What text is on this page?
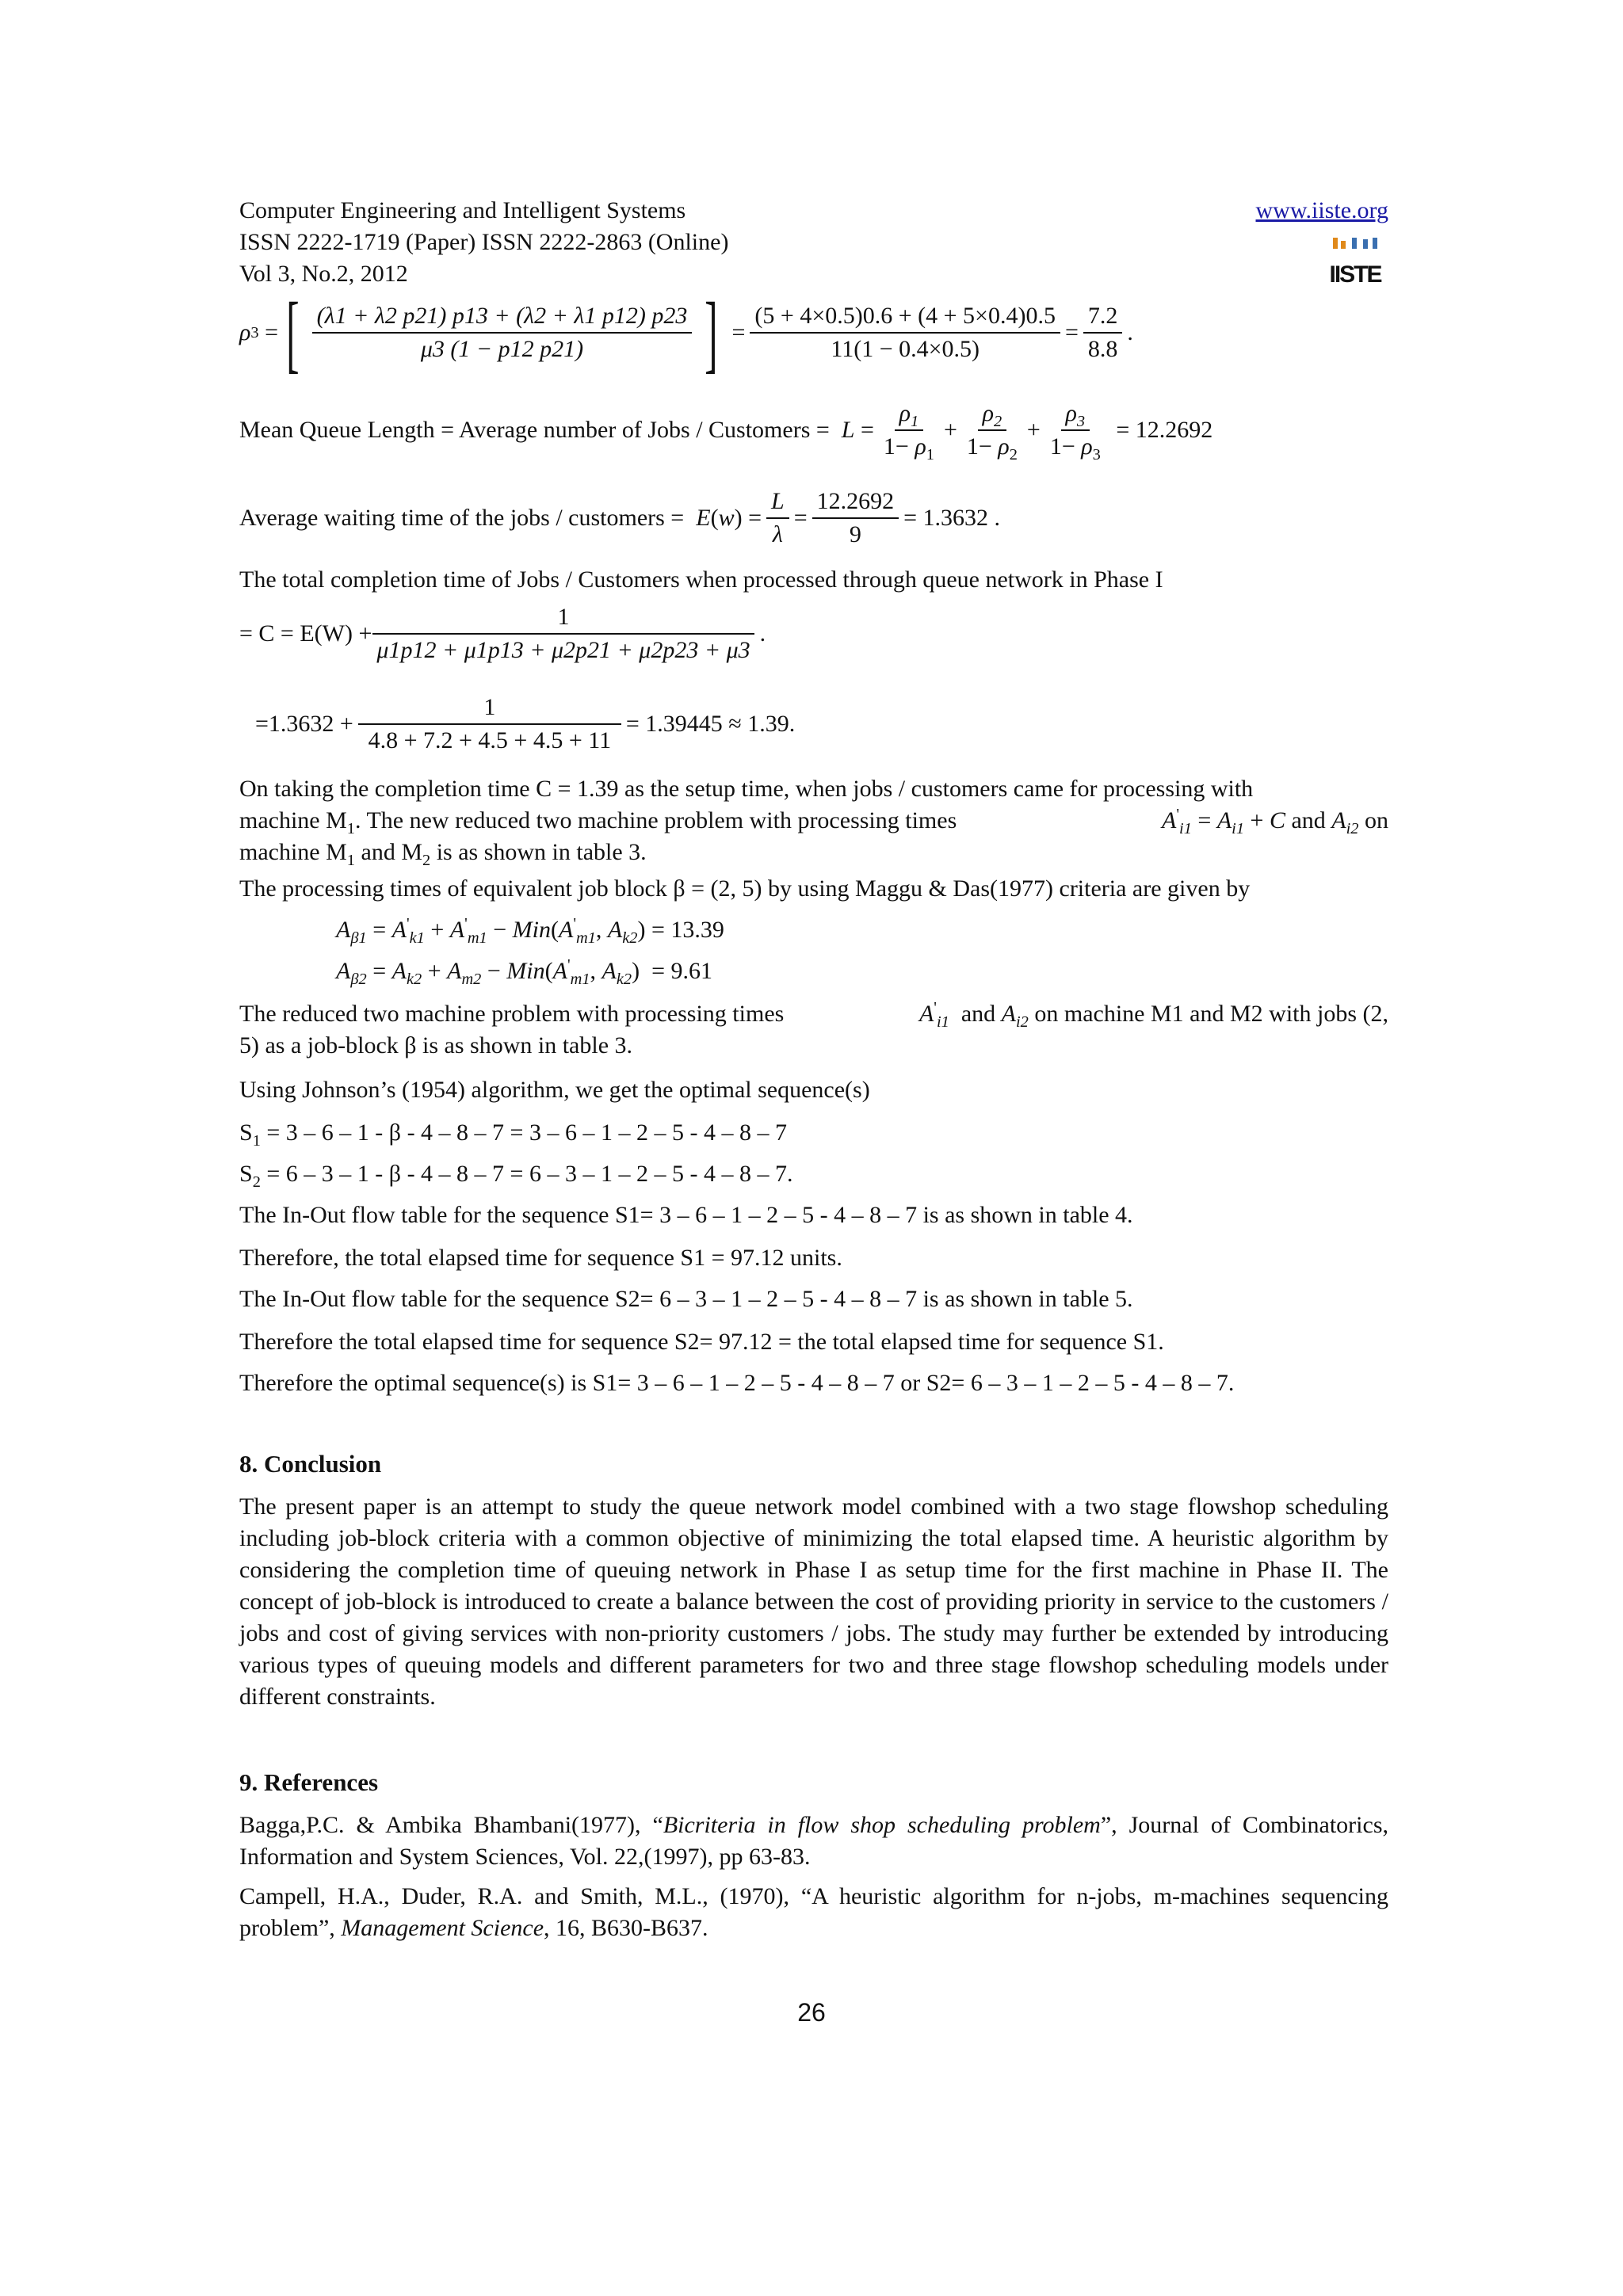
Computer Engineering and Intelligent Systems
ISSN 2222-1719 (Paper) ISSN 2222-2863 (Online)
Vol 3, No.2, 2012
www.iiste.org
IISTE
ρ 3 = [ $\frac{(\lambda 1 + \lambda 2 p21) p13 + (\lambda 2 + \lambda 1 p12) p23}{\mu 3 (1 - p12 p21)}$ ] = $\frac{(5 + 4\times 0.5)0.6 + (4 + 5\times 0.4)0.5}{11(1 - 0.4\times 0.5)} = \frac{7.2}{8.8}$ .
Mean Queue Length = Average number of Jobs / Customers =
$L = \frac{\rho_1}{1- \rho_1} + \frac{\rho_2}{1- \rho_2} + \frac{\rho_3}{1- \rho_3}$
= 12.2692
Average waiting time of the jobs / customers =
E ( w ) = $\frac{L}{\lambda} = \frac{12.2692}{9} = 1.3632$ .
The total completion time of Jobs / Customers when processed through queue network in Phase I
= $C = E(W) + \frac{1}{\mu 1p12 + \mu 1p13 + \mu 2p21 + \mu 2p23 + \mu 3}$ .
$=1.3632 + \frac{1}{4.8 + 7.2 + 4.5 + 4.5 + 11} = 1.39445 \approx 1.39$.
On taking the completion time C = 1.39 as the setup time, when jobs / customers came for processing with
machine $M_1$. The new reduced two machine problem with processing times	$A'_{i1} = A_{i1} + C$ and $A_{i2}$ on
machine $M_1$ and $M_2$ is as shown in table 3.
The processing times of equivalent job block β = (2, 5) by using Maggu & Das(1977) criteria are given by
$A_{\beta 1} = A'_{k1} + A'_{m1} - Min(A'_{m1}$, $A_{k2}) = 13.39$
$A_{\beta 2} = A_{k2} + A_{m2} - Min(A'_{m1}$, $A_{k2}) = 9.61$
The reduced two machine problem with processing times	$A'_{i1}$ and $A_{i2}$ on machine M1 and M2 with jobs (2,
5) as a job-block β is as shown in table 3.
Using Johnson’s (1954) algorithm, we get the optimal sequence(s)
$S_1 = 3 - 6 - 1 - \beta - 4 - 8 - 7 = 3 - 6 - 1 - 2 - 5 - 4 - 8 - 7$
$S_2 = 6 - 3 - 1 - \beta - 4 - 8 - 7 = 6 - 3 - 1 - 2 - 5 - 4 - 8 - 7$.
The In-Out flow table for the sequence S1= 3 – 6 – 1 – 2 – 5 - 4 – 8 – 7 is as shown in table 4.
Therefore, the total elapsed time for sequence S1 = 97.12 units.
The In-Out flow table for the sequence S2= 6 – 3 – 1 – 2 – 5 - 4 – 8 – 7 is as shown in table 5.
Therefore the total elapsed time for sequence S2= 97.12 = the total elapsed time for sequence S1.
Therefore the optimal sequence(s) is S1= 3 – 6 – 1 – 2 – 5 - 4 – 8 – 7 or S2= 6 – 3 – 1 – 2 – 5 - 4 – 8 – 7.
8. Conclusion
The present paper is an attempt to study the queue network model combined with a two stage flowshop scheduling including job-block criteria with a common objective of minimizing the total elapsed time. A heuristic algorithm by considering the completion time of queuing network in Phase I as setup time for the first machine in Phase II. The concept of job-block is introduced to create a balance between the cost of providing priority in service to the customers / jobs and cost of giving services with non-priority customers / jobs. The study may further be extended by introducing various types of queuing models and different parameters for two and three stage flowshop scheduling models under different constraints.
9. References
Bagga,P.C. & Ambika Bhambani(1977), “Bicriteria in flow shop scheduling problem”, Journal of Combinatorics, Information and System Sciences, Vol. 22,(1997), pp 63-83.
Campell, H.A., Duder, R.A. and Smith, M.L., (1970), “A heuristic algorithm for n-jobs, m-machines sequencing problem”, Management Science, 16, B630-B637.
26
